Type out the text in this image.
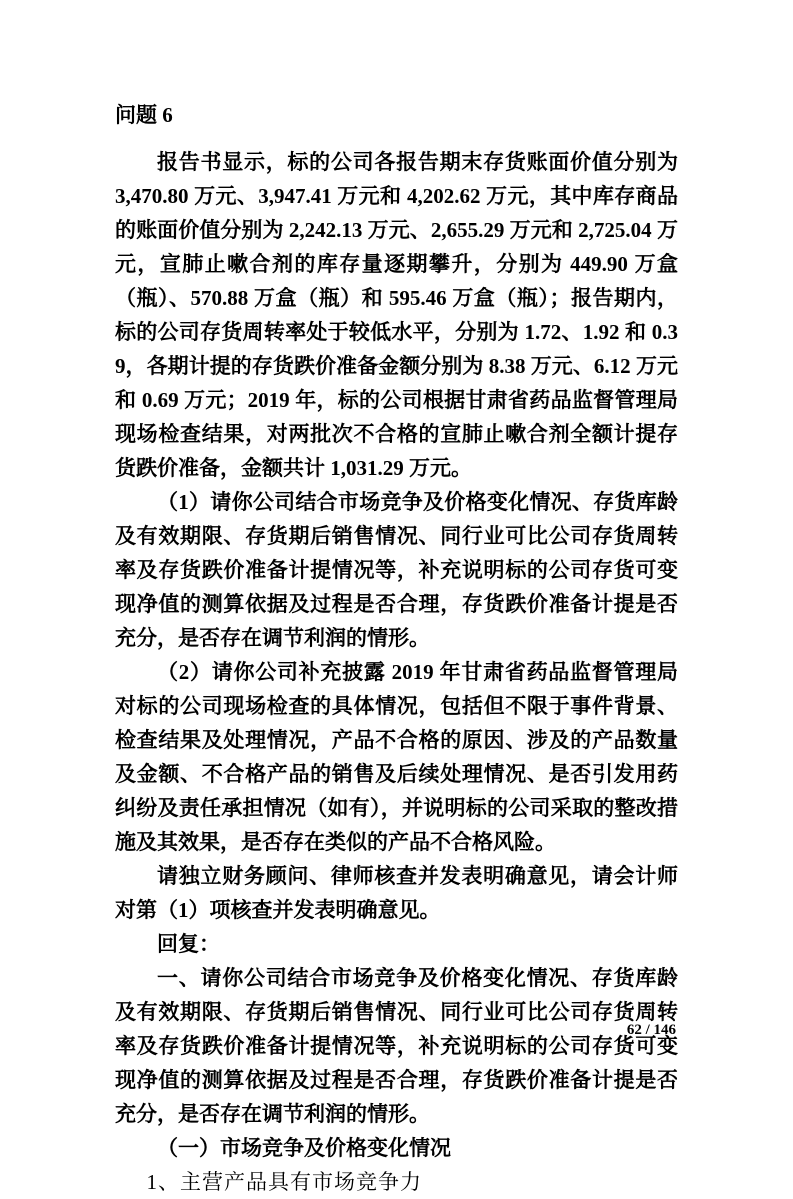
问题 6

报告书显示，标的公司各报告期末存货账面价值分别为 3,470.80 万元、3,947.41 万元和 4,202.62 万元，其中库存商品的账面价值分别为 2,242.13 万元、2,655.29 万元和 2,725.04 万元，宣肺止嗽合剂的库存量逐期攀升，分别为 449.90 万盒（瓶）、570.88 万盒（瓶）和 595.46 万盒（瓶）；报告期内，标的公司存货周转率处于较低水平，分别为 1.72、1.92 和 0.39，各期计提的存货跌价准备金额分别为 8.38 万元、6.12 万元和 0.69 万元；2019 年，标的公司根据甘肃省药品监督管理局现场检查结果，对两批次不合格的宣肺止嗽合剂全额计提存货跌价准备，金额共计 1,031.29 万元。

（1）请你公司结合市场竞争及价格变化情况、存货库龄及有效期限、存货期后销售情况、同行业可比公司存货周转率及存货跌价准备计提情况等，补充说明标的公司存货可变现净值的测算依据及过程是否合理，存货跌价准备计提是否充分，是否存在调节利润的情形。

（2）请你公司补充披露 2019 年甘肃省药品监督管理局对标的公司现场检查的具体情况，包括但不限于事件背景、检查结果及处理情况，产品不合格的原因、涉及的产品数量及金额、不合格产品的销售及后续处理情况、是否引发用药纠纷及责任承担情况（如有），并说明标的公司采取的整改措施及其效果，是否存在类似的产品不合格风险。

请独立财务顾问、律师核查并发表明确意见，请会计师对第（1）项核查并发表明确意见。

回复：

一、请你公司结合市场竞争及价格变化情况、存货库龄及有效期限、存货期后销售情况、同行业可比公司存货周转率及存货跌价准备计提情况等，补充说明标的公司存货可变现净值的测算依据及过程是否合理，存货跌价准备计提是否充分，是否存在调节利润的情形。

（一）市场竞争及价格变化情况

1、主营产品具有市场竞争力

62 / 146
